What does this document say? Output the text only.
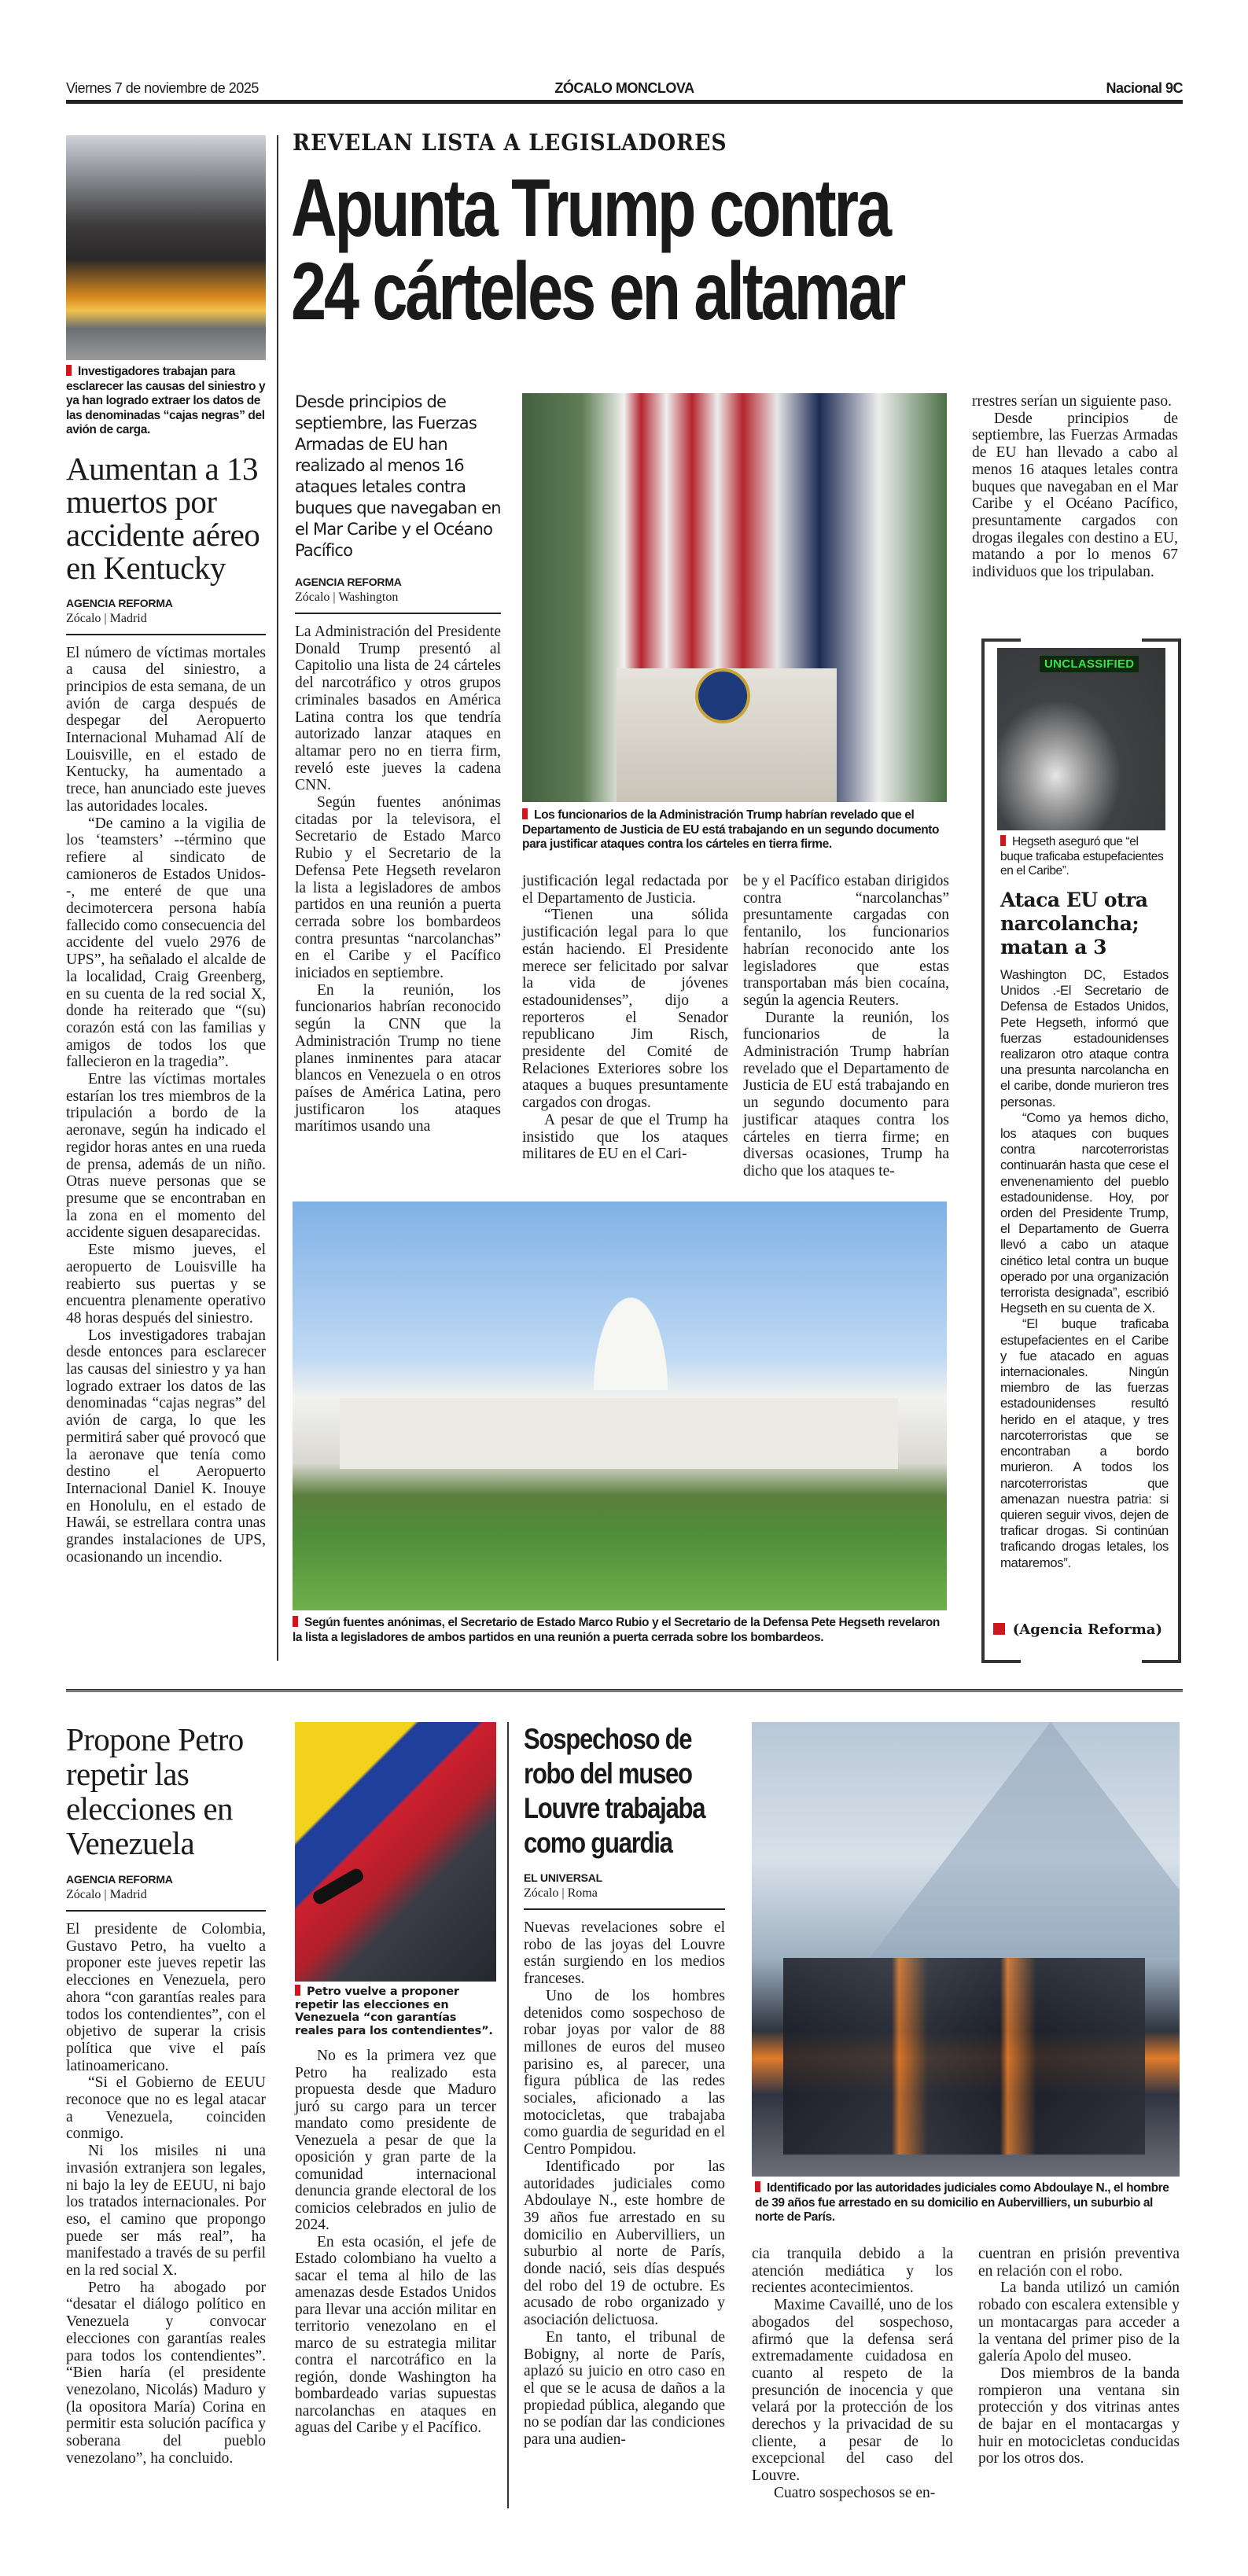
Viernes 7 de noviembre de 2025	ZÓCALO MONCLOVA	Nacional 9C
Investigadores trabajan para esclarecer las causas del siniestro y ya han logrado extraer los datos de las denominadas “cajas negras” del avión de carga.
Aumentan a 13 muertos por accidente aéreo en Kentucky
AGENCIA REFORMA
Zócalo | Madrid

El número de víctimas mortales a causa del siniestro, a principios de esta semana, de un avión de carga después de despegar del Aeropuerto Internacional Muhamad Alí de Louisville, en el estado de Kentucky, ha aumentado a trece, han anunciado este jueves las autoridades locales.

“De camino a la vigilia de los ‘teamsters’ --término que refiere al sindicato de camioneros de Estados Unidos--, me enteré de que una decimotercera persona había fallecido como consecuencia del accidente del vuelo 2976 de UPS”, ha señalado el alcalde de la localidad, Craig Greenberg, en su cuenta de la red social X, donde ha reiterado que “(su) corazón está con las familias y amigos de todos los que fallecieron en la tragedia”.

Entre las víctimas mortales estarían los tres miembros de la tripulación a bordo de la aeronave, según ha indicado el regidor horas antes en una rueda de prensa, además de un niño. Otras nueve personas que se presume que se encontraban en la zona en el momento del accidente siguen desaparecidas.

Este mismo jueves, el aeropuerto de Louisville ha reabierto sus puertas y se encuentra plenamente operativo 48 horas después del siniestro.

Los investigadores trabajan desde entonces para esclarecer las causas del siniestro y ya han logrado extraer los datos de las denominadas “cajas negras” del avión de carga, lo que les permitirá saber qué provocó que la aeronave que tenía como destino el Aeropuerto Internacional Daniel K. Inouye en Honolulu, en el estado de Hawái, se estrellara contra unas grandes instalaciones de UPS, ocasionando un incendio.

REVELAN LISTA A LEGISLADORES
Apunta Trump contra
24 cárteles en altamar
Desde principios de septiembre, las Fuerzas Armadas de EU han realizado al menos 16 ataques letales contra buques que navegaban en el Mar Caribe y el Océano Pacífico
AGENCIA REFORMA
Zócalo | Washington

La Administración del Presidente Donald Trump presentó al Capitolio una lista de 24 cárteles del narcotráfico y otros grupos criminales basados en América Latina contra los que tendría autorizado lanzar ataques en altamar pero no en tierra firm, reveló este jueves la cadena CNN.

Según fuentes anónimas citadas por la televisora, el Secretario de Estado Marco Rubio y el Secretario de la Defensa Pete Hegseth revelaron la lista a legisladores de ambos partidos en una reunión a puerta cerrada sobre los bombardeos contra presuntas “narcolanchas” en el Caribe y el Pacífico iniciados en septiembre.

En la reunión, los funcionarios habrían reconocido según la CNN que la Administración Trump no tiene planes inminentes para atacar blancos en Venezuela o en otros países de América Latina, pero justificaron los ataques marítimos usando una

Los funcionarios de la Administración Trump habrían revelado que el Departamento de Justicia de EU está trabajando en un segundo documento para justificar ataques contra los cárteles en tierra firme.

justificación legal redactada por el Departamento de Justicia.

“Tienen una sólida justificación legal para lo que están haciendo. El Presidente merece ser felicitado por salvar la vida de jóvenes estadounidenses”, dijo a reporteros el Senador republicano Jim Risch, presidente del Comité de Relaciones Exteriores sobre los ataques a buques presuntamente cargados con drogas.

A pesar de que el Trump ha insistido que los ataques militares de EU en el Cari-

be y el Pacífico estaban dirigidos contra “narcolanchas” presuntamente cargadas con fentanilo, los funcionarios habrían reconocido ante los legisladores que estas transportaban más bien cocaína, según la agencia Reuters.

Durante la reunión, los funcionarios de la Administración Trump habrían revelado que el Departamento de Justicia de EU está trabajando en un segundo documento para justificar ataques contra los cárteles en tierra firme; en diversas ocasiones, Trump ha dicho que los ataques te-

rrestres serían un siguiente paso.

Desde principios de septiembre, las Fuerzas Armadas de EU han llevado a cabo al menos 16 ataques letales contra buques que navegaban en el Mar Caribe y el Océano Pacífico, presuntamente cargados con drogas ilegales con destino a EU, matando a por lo menos 67 individuos que los tripulaban.

Según fuentes anónimas, el Secretario de Estado Marco Rubio y el Secretario de la Defensa Pete Hegseth revelaron la lista a legisladores de ambos partidos en una reunión a puerta cerrada sobre los bombardeos.
UNCLASSIFIED
Hegseth aseguró que “el buque traficaba estupefacientes en el Caribe”.
Ataca EU otra narcolancha; matan a 3

Washington DC, Estados Unidos .-El Secretario de Defensa de Estados Unidos, Pete Hegseth, informó que fuerzas estadounidenses realizaron otro ataque contra una presunta narcolancha en el caribe, donde murieron tres personas.

“Como ya hemos dicho, los ataques con buques contra narcoterroristas continuarán hasta que cese el envenenamiento del pueblo estadounidense. Hoy, por orden del Presidente Trump, el Departamento de Guerra llevó a cabo un ataque cinético letal contra un buque operado por una organización terrorista designada”, escribió Hegseth en su cuenta de X.

“El buque traficaba estupefacientes en el Caribe y fue atacado en aguas internacionales. Ningún miembro de las fuerzas estadounidenses resultó herido en el ataque, y tres narcoterroristas que se encontraban a bordo murieron. A todos los narcoterroristas que amenazan nuestra patria: si quieren seguir vivos, dejen de traficar drogas. Si continúan traficando drogas letales, los mataremos”.

(Agencia Reforma)
Propone Petro repetir las elecciones en Venezuela
AGENCIA REFORMA
Zócalo | Madrid

El presidente de Colombia, Gustavo Petro, ha vuelto a proponer este jueves repetir las elecciones en Venezuela, pero ahora “con garantías reales para todos los contendientes”, con el objetivo de superar la crisis política que vive el país latinoamericano.

“Si el Gobierno de EEUU reconoce que no es legal atacar a Venezuela, coinciden conmigo.

Ni los misiles ni una invasión extranjera son legales, ni bajo la ley de EEUU, ni bajo los tratados internacionales. Por eso, el camino que propongo puede ser más real”, ha manifestado a través de su perfil en la red social X.

Petro ha abogado por “desatar el diálogo político en Venezuela y convocar elecciones con garantías reales para todos los contendientes”. “Bien haría (el presidente venezolano, Nicolás) Maduro y (la opositora María) Corina en permitir esta solución pacífica y soberana del pueblo venezolano”, ha concluido.

Petro vuelve a proponer repetir las elecciones en Venezuela “con garantías reales para los contendientes”.

No es la primera vez que Petro ha realizado esta propuesta desde que Maduro juró su cargo para un tercer mandato como presidente de Venezuela a pesar de que la oposición y gran parte de la comunidad internacional denuncia grande electoral de los comicios celebrados en julio de 2024.

En esta ocasión, el jefe de Estado colombiano ha vuelto a sacar el tema al hilo de las amenazas desde Estados Unidos para llevar una acción militar en territorio venezolano en el marco de su estrategia militar contra el narcotráfico en la región, donde Washington ha bombardeado varias supuestas narcolanchas en ataques en aguas del Caribe y el Pacífico.

Sospechoso de robo del museo Louvre trabajaba como guardia
EL UNIVERSAL
Zócalo | Roma

Nuevas revelaciones sobre el robo de las joyas del Louvre están surgiendo en los medios franceses.

Uno de los hombres detenidos como sospechoso de robar joyas por valor de 88 millones de euros del museo parisino es, al parecer, una figura pública de las redes sociales, aficionado a las motocicletas, que trabajaba como guardia de seguridad en el Centro Pompidou.

Identificado por las autoridades judiciales como Abdoulaye N., este hombre de 39 años fue arrestado en su domicilio en Aubervilliers, un suburbio al norte de París, donde nació, seis días después del robo del 19 de octubre. Es acusado de robo organizado y asociación delictuosa.

En tanto, el tribunal de Bobigny, al norte de París, aplazó su juicio en otro caso en el que se le acusa de daños a la propiedad pública, alegando que no se podían dar las condiciones para una audien-

Identificado por las autoridades judiciales como Abdoulaye N., el hombre de 39 años fue arrestado en su domicilio en Aubervilliers, un suburbio al norte de París.

cia tranquila debido a la atención mediática y los recientes acontecimientos.

Maxime Cavaillé, uno de los abogados del sospechoso, afirmó que la defensa será extremadamente cuidadosa en cuanto al respeto de la presunción de inocencia y que velará por la protección de los derechos y la privacidad de su cliente, a pesar de lo excepcional del caso del Louvre.

Cuatro sospechosos se en-

cuentran en prisión preventiva en relación con el robo.

La banda utilizó un camión robado con escalera extensible y un montacargas para acceder a la ventana del primer piso de la galería Apolo del museo.

Dos miembros de la banda rompieron una ventana sin protección y dos vitrinas antes de bajar en el montacargas y huir en motocicletas conducidas por los otros dos.
